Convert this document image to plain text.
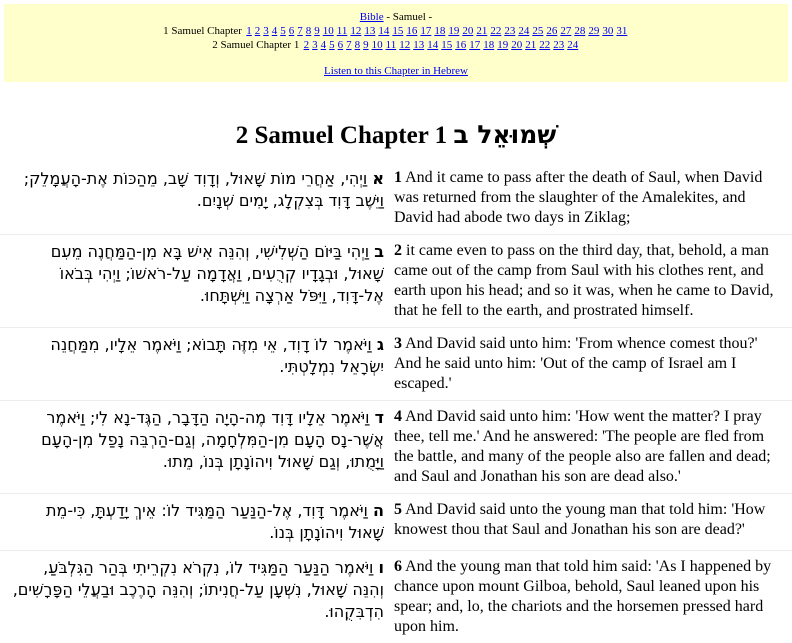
Bible - Samuel -
1 Samuel Chapter 1 2 3 4 5 6 7 8 9 10 11 12 13 14 15 16 17 18 19 20 21 22 23 24 25 26 27 28 29 30 31
2 Samuel Chapter 1 2 3 4 5 6 7 8 9 10 11 12 13 14 15 16 17 18 19 20 21 22 23 24
Listen to this Chapter in Hebrew
2 Samuel Chapter 1 שְׁמוּאֵל ב
א וַיְהִי, אַחֲרֵי מוֹת שָׁאוּל, וְדָוִד שָׁב, מֵהַכּוֹת אֶת-הָעֲמָלֵק; וַיֵּשֶׁב דָּוִד בְּצִקְלָג, יָמִים שְׁנָיִם.	1 And it came to pass after the death of Saul, when David was returned from the slaughter of the Amalekites, and David had abode two days in Ziklag;
ב וַיְהִי בַּיּוֹם הַשְּׁלִישִׁי, וְהִנֵּה אִישׁ בָּא מִן-הַמַּחֲנֶה מֵעִם שָׁאוּל, וּבְגָדָיו קְרֻעִים, וַאֲדָמָה עַל-רֹאשׁוֹ; וַיְהִי בְּבֹאוֹ אֶל-דָּוִד, וַיִּפֹּל אַרְצָה וַיִּשְׁתָּחוּ.	2 it came even to pass on the third day, that, behold, a man came out of the camp from Saul with his clothes rent, and earth upon his head; and so it was, when he came to David, that he fell to the earth, and prostrated himself.
ג וַיֹּאמֶר לוֹ דָוִד, אֵי מִזֶּה תָּבוֹא; וַיֹּאמֶר אֵלָיו, מִמַּחֲנֵה יִשְׂרָאֵל נִמְלָטְתִּי.	3 And David said unto him: 'From whence comest thou?' And he said unto him: 'Out of the camp of Israel am I escaped.'
ד וַיֹּאמֶר אֵלָיו דָּוִד מֶה-הָיָה הַדָּבָר, הַגֶּד-נָא לִי; וַיֹּאמֶר אֲשֶׁר-נָס הָעָם מִן-הַמִּלְחָמָה, וְגַם-הַרְבֵּה נָפַל מִן-הָעָם וַיָּמֻתוּ, וְגַם שָׁאוּל וִיהוֹנָתָן בְּנוֹ, מֵתוּ.	4 And David said unto him: 'How went the matter? I pray thee, tell me.' And he answered: 'The people are fled from the battle, and many of the people also are fallen and dead; and Saul and Jonathan his son are dead also.'
ה וַיֹּאמֶר דָּוִד, אֶל-הַנַּעַר הַמַּגִּיד לוֹ: אֵיךְ יָדַעְתָּ, כִּי-מֵת שָׁאוּל וִיהוֹנָתָן בְּנוֹ.	5 And David said unto the young man that told him: 'How knowest thou that Saul and Jonathan his son are dead?'
ו וַיֹּאמֶר הַנַּעַר הַמַּגִּיד לוֹ, נִקְרֹא נִקְרֵיתִי בְּהַר הַגִּלְבֹּעַ, וְהִנֵּה שָׁאוּל, נִשְׁעָן עַל-חֲנִיתוֹ; וְהִנֵּה הָרֶכֶב וּבַעֲלֵי הַפָּרָשִׁים, הִדְבִּקֻהוּ.	6 And the young man that told him said: 'As I happened by chance upon mount Gilboa, behold, Saul leaned upon his spear; and, lo, the chariots and the horsemen pressed hard upon him.
